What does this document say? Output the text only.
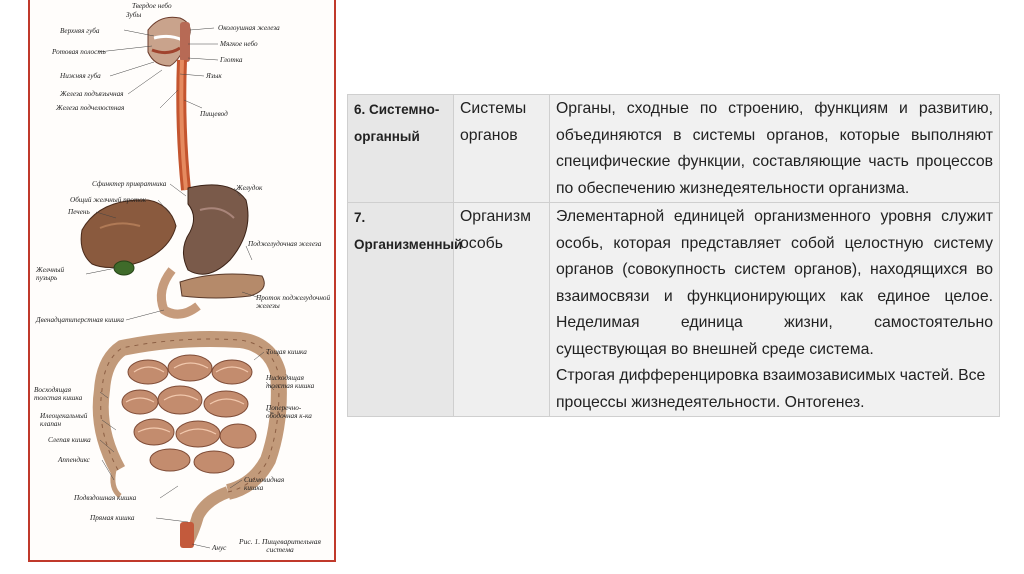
Твердое небо
Зубы
Верхняя губа	Околоушная железа
Ротовая полость
Мягкое небо
Глотка
Нижняя губа	Язык
Железа подъязычная
Железа подчелюстная
Пищевод
Сфинктер привратника
Общий желчный проток
Печень
Желудок
Поджелудочная железа
Желчный пузырь
Проток поджелудочной железы
Двенадцатиперстная кишка
Тощая кишка
Нисходящая толстая кишка
Восходящая толстая кишка
Поперечно-ободочная к-ка
Илеоцекальный клапан
Слепая кишка
Аппендикс
Сигмовидная кишка
Подвздошная кишка
Прямая кишка
Анус
Рис. 1. Пищеварительная система
6. Системно-органный	Системы органов	Органы, сходные по строению, функциям и развитию, объединяются в системы органов, которые выполняют специфические функции, составляющие часть процессов по обеспечению жизнедеятельности организма.
7. Организменный	Организм особь	Элементарной единицей организменного уровня служит особь, которая представляет собой целостную систему органов (совокупность систем органов), находящихся во взаимосвязи и функционирующих как единое целое. Неделимая единица жизни, самостоятельно существующая во внешней среде система.
Строгая дифференцировка взаимозависимых частей. Все процессы жизнедеятельности. Онтогенез.
